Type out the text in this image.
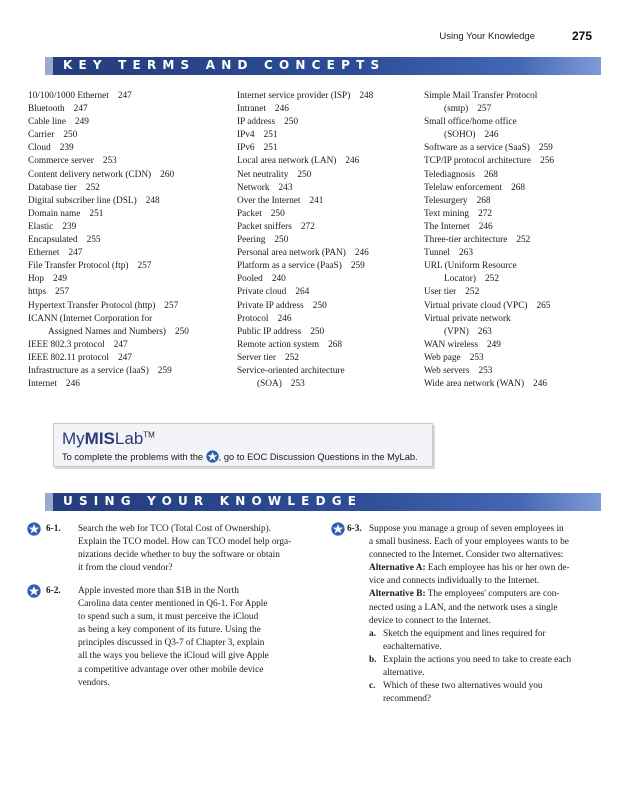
Using Your Knowledge	275
KEY TERMS AND CONCEPTS
10/100/1000 Ethernet 247
Bluetooth 247
Cable line 249
Carrier 250
Cloud 239
Commerce server 253
Content delivery network (CDN) 260
Database tier 252
Digital subscriber line (DSL) 248
Domain name 251
Elastic 239
Encapsulated 255
Ethernet 247
File Transfer Protocol (ftp) 257
Hop 249
https 257
Hypertext Transfer Protocol (http) 257
ICANN (Internet Corporation for
Assigned Names and Numbers) 250
IEEE 802.3 protocol 247
IEEE 802.11 protocol 247
Infrastructure as a service (IaaS) 259
Internet 246
Internet service provider (ISP) 248
Intranet 246
IP address 250
IPv4 251
IPv6 251
Local area network (LAN) 246
Net neutrality 250
Network 243
Over the Internet 241
Packet 250
Packet sniffers 272
Peering 250
Personal area network (PAN) 246
Platform as a service (PaaS) 259
Pooled 240
Private cloud 264
Private IP address 250
Protocol 246
Public IP address 250
Remote action system 268
Server tier 252
Service-oriented architecture
(SOA) 253
Simple Mail Transfer Protocol
(smtp) 257
Small office/home office
(SOHO) 246
Software as a service (SaaS) 259
TCP/IP protocol architecture 256
Telediagnosis 268
Telelaw enforcement 268
Telesurgery 268
Text mining 272
The Internet 246
Three-tier architecture 252
Tunnel 263
URL (Uniform Resource
Locator) 252
User tier 252
Virtual private cloud (VPC) 265
Virtual private network
(VPN) 263
WAN wireless 249
Web page 253
Web servers 253
Wide area network (WAN) 246
MyMISLab™
To complete the problems with the , go to EOC Discussion Questions in the MyLab.
USING YOUR KNOWLEDGE
6-1. Search the web for TCO (Total Cost of Ownership).
Explain the TCO model. How can TCO model help orga-
nizations decide whether to buy the software or obtain
it from the cloud vendor?
6-2. Apple invested more than $1B in the North
Carolina data center mentioned in Q6-1. For Apple
to spend such a sum, it must perceive the iCloud
as being a key component of its future. Using the
principles discussed in Q3-7 of Chapter 3, explain
all the ways you believe the iCloud will give Apple
a competitive advantage over other mobile device
vendors.
6-3. Suppose you manage a group of seven employees in
a small business. Each of your employees wants to be
connected to the Internet. Consider two alternatives:
Alternative A: Each employee has his or her own de-
vice and connects individually to the Internet.
Alternative B: The employees' computers are con-
nected using a LAN, and the network uses a single
device to connect to the Internet.
a. Sketch the equipment and lines required for
eachalternative.
b. Explain the actions you need to take to create each
alternative.
c. Which of these two alternatives would you
recommend?
